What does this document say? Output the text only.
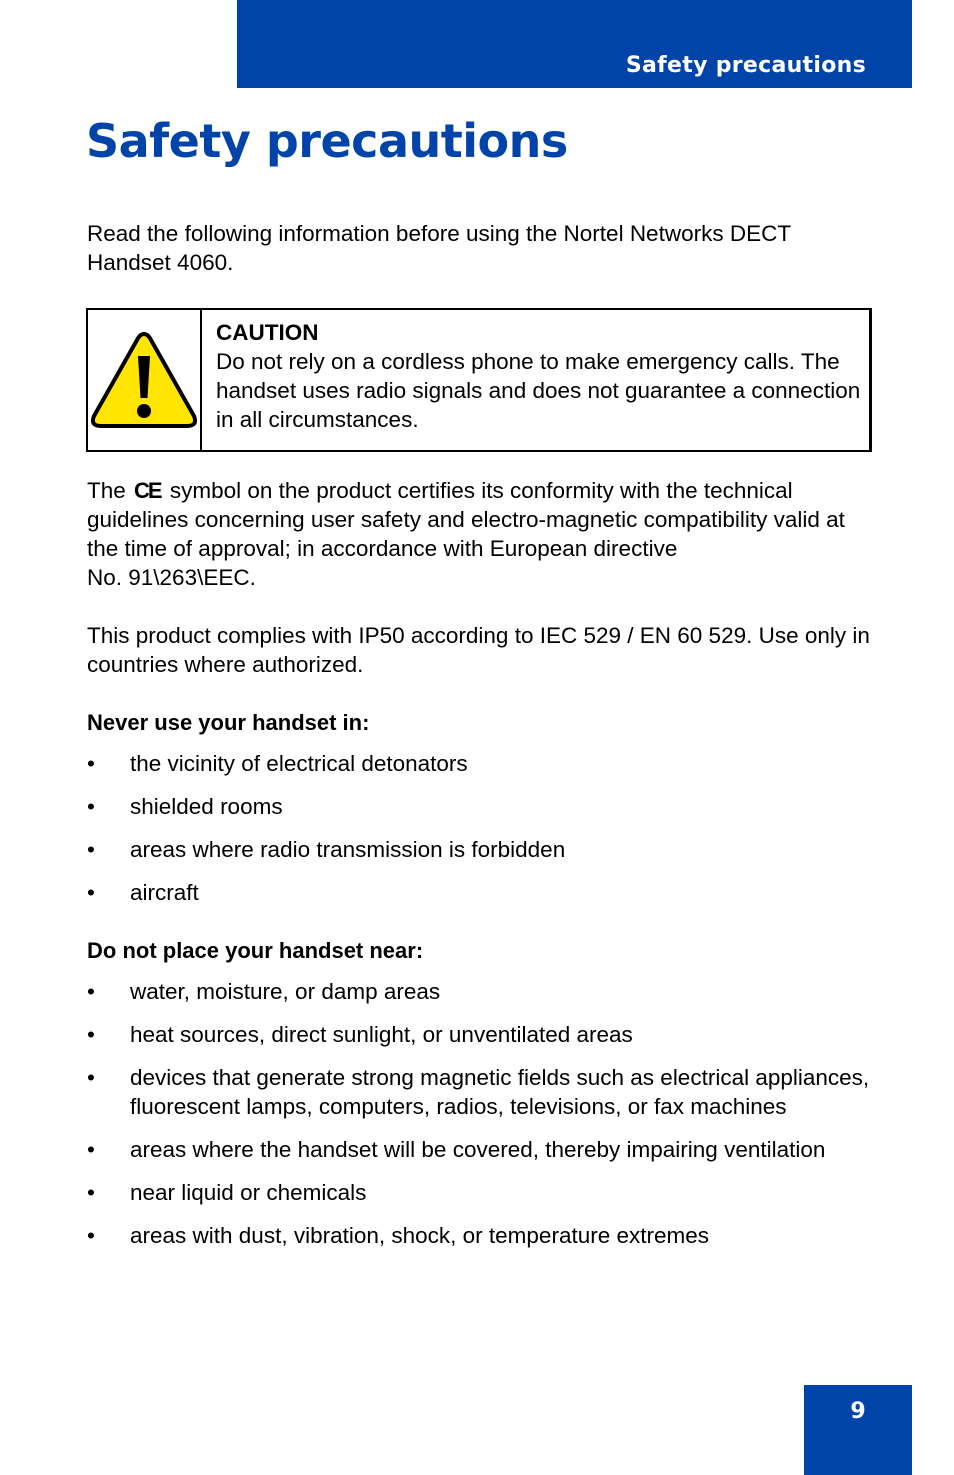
Safety precautions
Safety precautions

Read the following information before using the Nortel Networks DECT Handset 4060.

CAUTION
Do not rely on a cordless phone to make emergency calls. The handset uses radio signals and does not guarantee a connection in all circumstances.

The CE symbol on the product certifies its conformity with the technical guidelines concerning user safety and electro-magnetic compatibility valid at the time of approval; in accordance with European directive
No. 91\263\EEC.

This product complies with IP50 according to IEC 529 / EN 60 529. Use only in countries where authorized.

Never use your handset in:
• the vicinity of electrical detonators
• shielded rooms
• areas where radio transmission is forbidden
• aircraft
Do not place your handset near:
• water, moisture, or damp areas
• heat sources, direct sunlight, or unventilated areas
• devices that generate strong magnetic fields such as electrical appliances, fluorescent lamps, computers, radios, televisions, or fax machines
• areas where the handset will be covered, thereby impairing ventilation
• near liquid or chemicals
• areas with dust, vibration, shock, or temperature extremes
9
